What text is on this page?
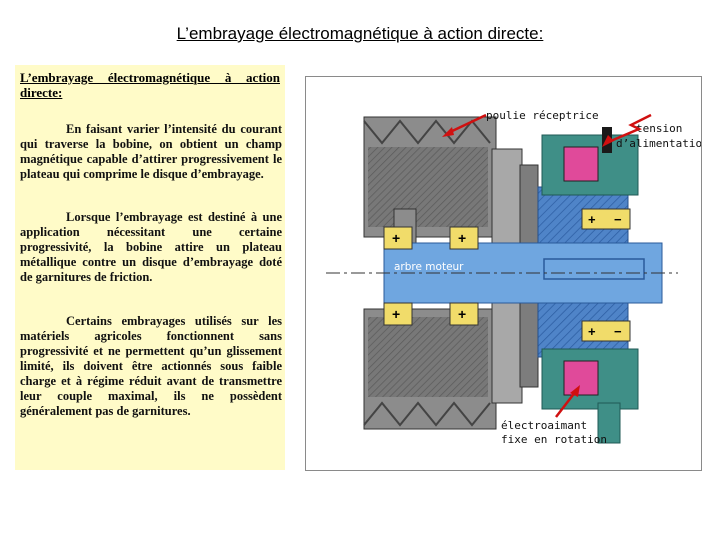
L’embrayage électromagnétique à action directe:
L’embrayage électromagnétique à action directe:
En faisant varier l’intensité du courant qui traverse la bobine, on obtient un champ magnétique capable d’attirer progressivement le plateau qui comprime le disque d’embrayage.
Lorsque l’embrayage est destiné à une application nécessitant une certaine progressivité, la bobine attire un plateau métallique contre un disque d’embrayage doté de garnitures de friction.
Certains embrayages utilisés sur les matériels agricoles fonctionnent sans progressivité et ne permettent qu’un glissement limité, ils doivent être actionnés sous faible charge et à régime réduit avant de transmettre leur couple maximal, ils ne possèdent généralement pas de garnitures.
+	+
+	+
+ −
+ −
poulie réceptrice
tension
d’alimentation
arbre moteur
électroaimant
fixe en rotation
